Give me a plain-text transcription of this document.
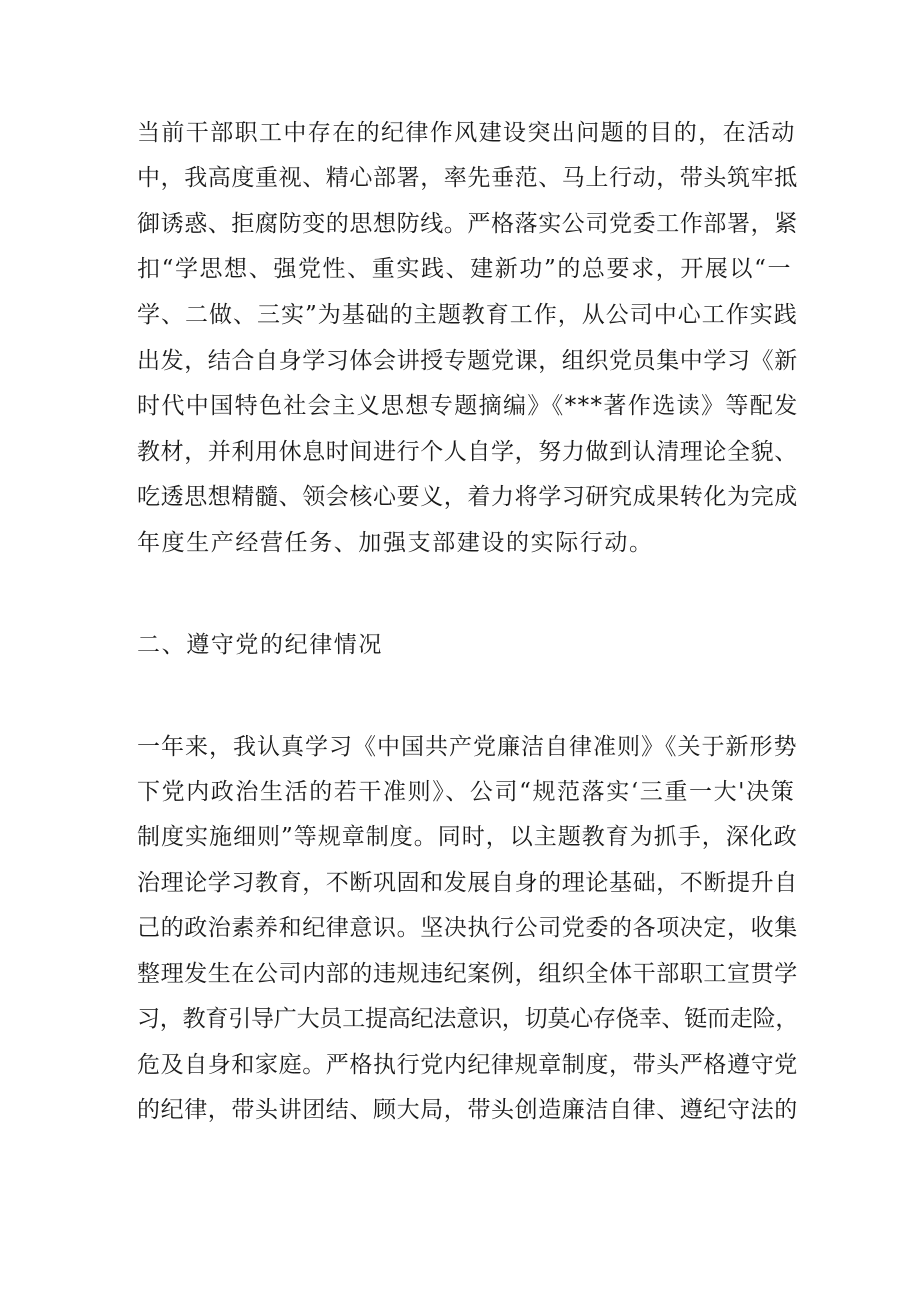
当前干部职工中存在的纪律作风建设突出问题的目的，在活动
中，我高度重视、精心部署，率先垂范、马上行动，带头筑牢抵
御诱惑、拒腐防变的思想防线。严格落实公司党委工作部署，紧
扣“学思想、强党性、重实践、建新功”的总要求，开展以“一
学、二做、三实”为基础的主题教育工作，从公司中心工作实践
出发，结合自身学习体会讲授专题党课，组织党员集中学习《新
时代中国特色社会主义思想专题摘编》《***著作选读》等配发
教材，并利用休息时间进行个人自学，努力做到认清理论全貌、
吃透思想精髓、领会核心要义，着力将学习研究成果转化为完成
年度生产经营任务、加强支部建设的实际行动。
二、遵守党的纪律情况
一年来，我认真学习《中国共产党廉洁自律准则》《关于新形势
下党内政治生活的若干准则》、公司“规范落实‘三重一大'决策
制度实施细则”等规章制度。同时，以主题教育为抓手，深化政
治理论学习教育，不断巩固和发展自身的理论基础，不断提升自
己的政治素养和纪律意识。坚决执行公司党委的各项决定，收集
整理发生在公司内部的违规违纪案例，组织全体干部职工宣贯学
习，教育引导广大员工提高纪法意识，切莫心存侥幸、铤而走险，
危及自身和家庭。严格执行党内纪律规章制度，带头严格遵守党
的纪律，带头讲团结、顾大局，带头创造廉洁自律、遵纪守法的
